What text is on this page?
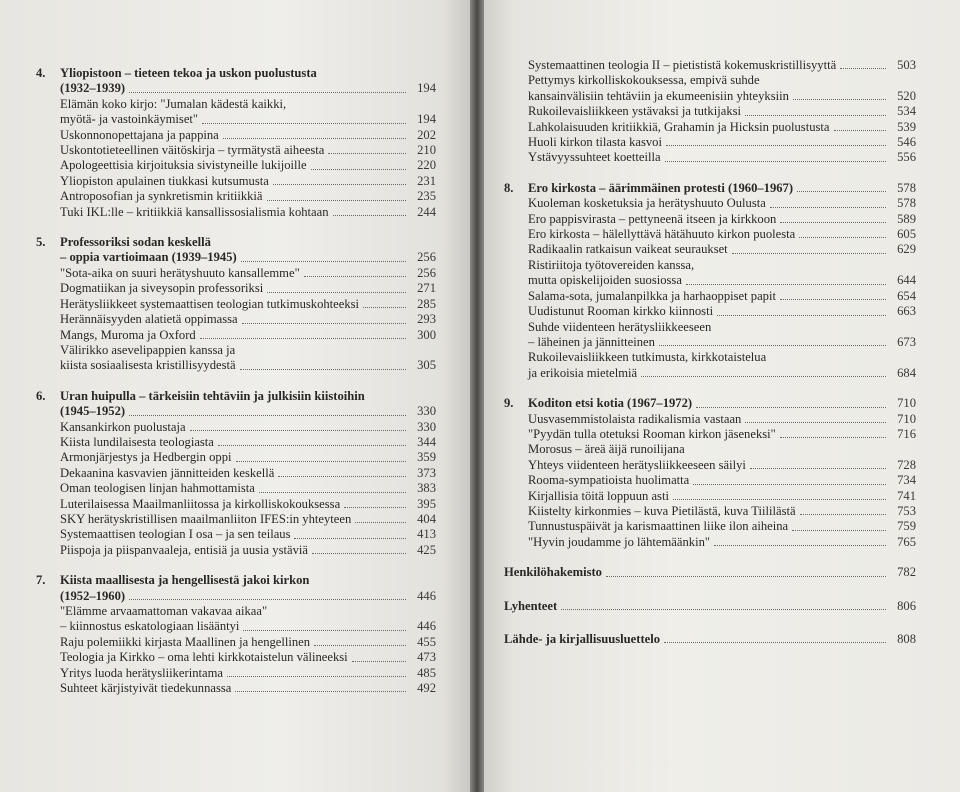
4.	Yliopistoon – tieteen tekoa ja uskon puolustusta
(1932–1939)	194
Elämän koko kirjo: "Jumalan kädestä kaikki,
myötä- ja vastoinkäymiset"	194
Uskonnonopettajana ja pappina	202
Uskontotieteellinen väitöskirja – tyrmätystä aiheesta	210
Apologeettisia kirjoituksia sivistyneille lukijoille	220
Yliopiston apulainen tiukkasi kutsumusta	231
Antroposofian ja synkretismin kritiikkiä	235
Tuki IKL:lle – kritiikkiä kansallissosialismia kohtaan	244
5.	Professoriksi sodan keskellä
– oppia vartioimaan (1939–1945)	256
"Sota-aika on suuri herätyshuuto kansallemme"	256
Dogmatiikan ja siveysopin professoriksi	271
Herätysliikkeet systemaattisen teologian tutkimuskohteeksi	285
Herännäisyyden alatietä oppimassa	293
Mangs, Muroma ja Oxford	300
Välirikko asevelipappien kanssa ja
kiista sosiaalisesta kristillisyydestä	305
6.	Uran huipulla – tärkeisiin tehtäviin ja julkisiin kiistoihin
(1945–1952)	330
Kansankirkon puolustaja	330
Kiista lundilaisesta teologiasta	344
Armonjärjestys ja Hedbergin oppi	359
Dekaanina kasvavien jännitteiden keskellä	373
Oman teologisen linjan hahmottamista	383
Luterilaisessa Maailmanliitossa ja kirkolliskokouksessa	395
SKY herätyskristillisen maailmanliiton IFES:in yhteyteen	404
Systemaattisen teologian I osa – ja sen teilaus	413
Piispoja ja piispanvaaleja, entisiä ja uusia ystäviä	425
7.	Kiista maallisesta ja hengellisestä jakoi kirkon
(1952–1960)	446
"Elämme arvaamattoman vakavaa aikaa"
– kiinnostus eskatologiaan lisääntyi	446
Raju polemiikki kirjasta Maallinen ja hengellinen	455
Teologia ja Kirkko – oma lehti kirkkotaistelun välineeksi	473
Yritys luoda herätysliikerintama	485
Suhteet kärjistyivät tiedekunnassa	492
Systemaattinen teologia II – pietististä kokemuskristillisyyttä	503
Pettymys kirkolliskokouksessa, empivä suhde
kansainvälisiin tehtäviin ja ekumeenisiin yhteyksiin	520
Rukoilevaisliikkeen ystävaksi ja tutkijaksi	534
Lahkolaisuuden kritiikkiä, Grahamin ja Hicksin puolustusta	539
Huoli kirkon tilasta kasvoi	546
Ystävyyssuhteet koetteilla	556
8.	Ero kirkosta – äärimmäinen protesti (1960–1967)	578
Kuoleman kosketuksia ja herätyshuuto Oulusta	578
Ero pappisvirasta – pettyneenä itseen ja kirkkoon	589
Ero kirkosta – hälellyttävä hätähuuto kirkon puolesta	605
Radikaalin ratkaisun vaikeat seuraukset	629
Ristiriitoja työtovereiden kanssa,
mutta opiskelijoiden suosiossa	644
Salama-sota, jumalanpilkka ja harhaoppiset papit	654
Uudistunut Rooman kirkko kiinnosti	663
Suhde viidenteen herätysliikkeeseen
– läheinen ja jännitteinen	673
Rukoilevaisliikkeen tutkimusta, kirkkotaistelua
ja erikoisia mietelmiä	684
9.	Koditon etsi kotia (1967–1972)	710
Uusvasemmistolaista radikalismia vastaan	710
"Pyydän tulla otetuksi Rooman kirkon jäseneksi"	716
Morosus – äreä äijä runoilijana
Yhteys viidenteen herätysliikkeeseen säilyi	728
Rooma-sympatioista huolimatta	734
Kirjallisia töitä loppuun asti	741
Kiistelty kirkonmies – kuva Pietilästä, kuva Tiililästä	753
Tunnustuspäivät ja karismaattinen liike ilon aiheina	759
"Hyvin joudamme jo lähtemäänkin"	765
Henkilöhakemisto	782
Lyhenteet	806
Lähde- ja kirjallisuusluettelo	808
